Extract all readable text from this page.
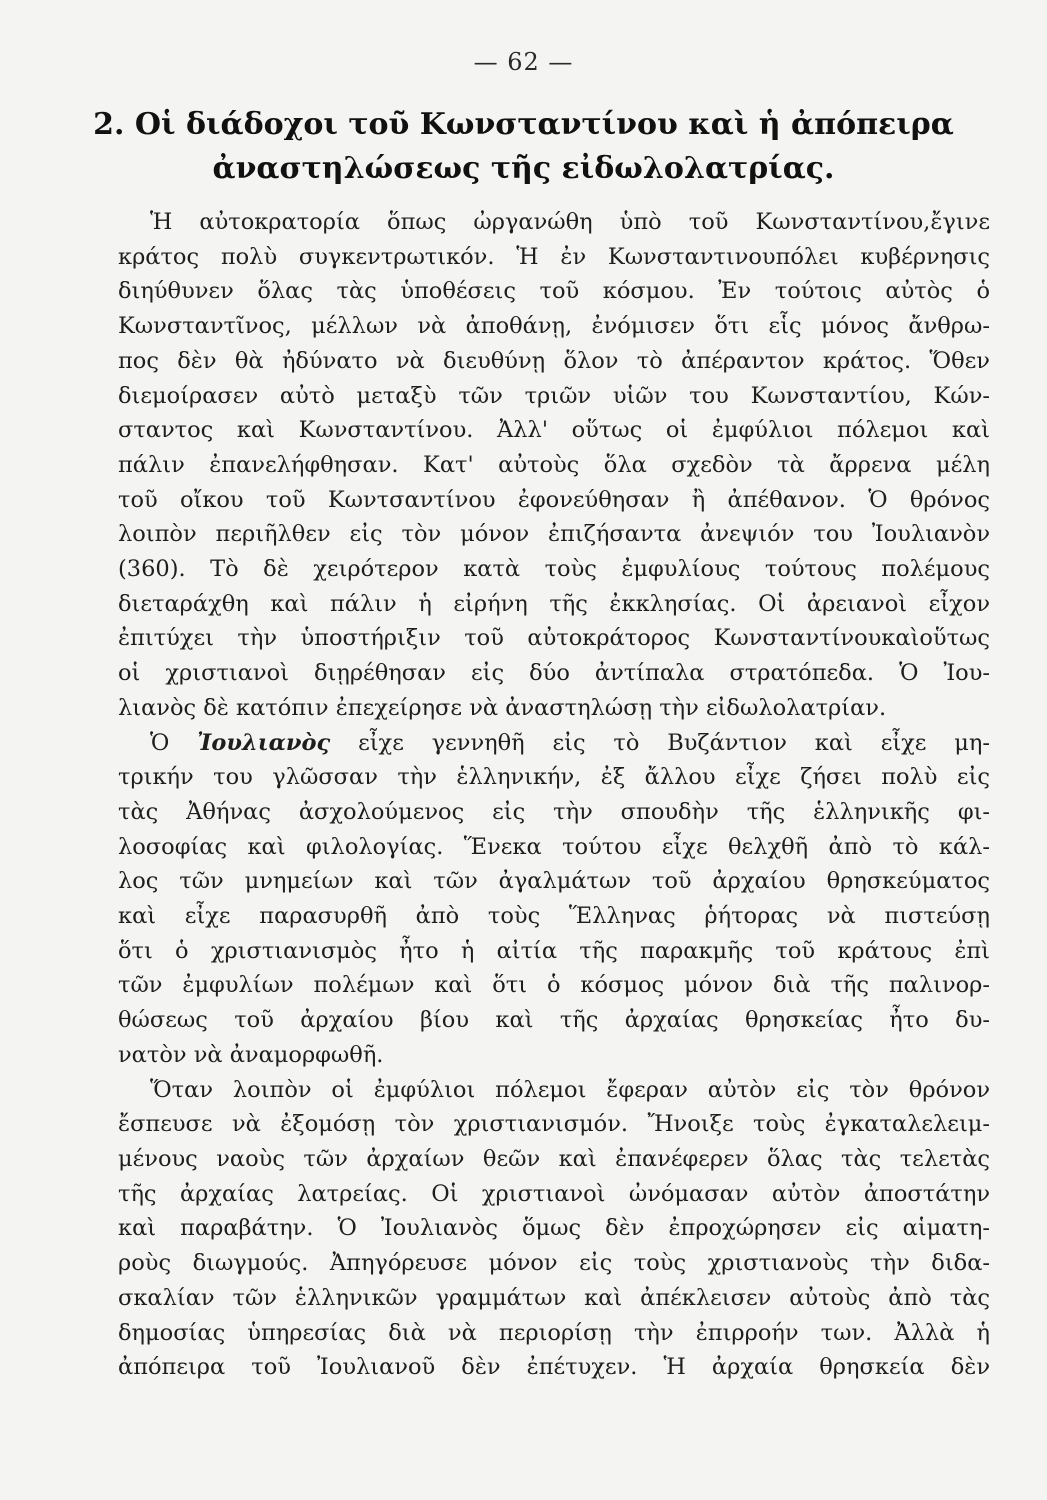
— 62 —
2. Οἱ διάδοχοι τοῦ Κωνσταντίνου καὶ ἡ ἀπόπειρα
ἀναστηλώσεως τῆς εἰδωλολατρίας.
Ἡ αὐτοκρατορία ὅπως ὠργανώθη ὑπὸ τοῦ Κωνσταντίνου,ἔγινε
κράτος πολὺ συγκεντρωτικόν. Ἡ ἐν Κωνσταντινουπόλει κυβέρνησις
διηύθυνεν ὅλας τὰς ὑποθέσεις τοῦ κόσμου. Ἐν τούτοις αὐτὸς ὁ
Κωνσταντῖνος, μέλλων νὰ ἀποθάνῃ, ἐνόμισεν ὅτι εἷς μόνος ἄνθρω-
πος δὲν θὰ ἠδύνατο νὰ διευθύνῃ ὅλον τὸ ἀπέραντον κράτος. Ὅθεν
διεμοίρασεν αὐτὸ μεταξὺ τῶν τριῶν υἱῶν του Κωνσταντίου, Κών-
σταντος καὶ Κωνσταντίνου. Ἀλλ' οὕτως οἱ ἐμφύλιοι πόλεμοι καὶ
πάλιν ἐπανελήφθησαν. Κατ' αὐτοὺς ὅλα σχεδὸν τὰ ἄρρενα μέλη
τοῦ οἴκου τοῦ Κωντσαντίνου ἐφονεύθησαν ἢ ἀπέθανον. Ὁ θρόνος
λοιπὸν περιῆλθεν εἰς τὸν μόνον ἐπιζήσαντα ἀνεψιόν του Ἰουλιανὸν
(360). Τὸ δὲ χειρότερον κατὰ τοὺς ἐμφυλίους τούτους πολέμους
διεταράχθη καὶ πάλιν ἡ εἰρήνη τῆς ἐκκλησίας. Οἱ ἀρειανοὶ εἶχον
ἐπιτύχει τὴν ὑποστήριξιν τοῦ αὐτοκράτορος Κωνσταντίνουκαὶοὕτως
οἱ χριστιανοὶ διῃρέθησαν εἰς δύο ἀντίπαλα στρατόπεδα. Ὁ Ἰου-
λιανὸς δὲ κατόπιν ἐπεχείρησε νὰ ἀναστηλώσῃ τὴν εἰδωλολατρίαν.
Ὁ Ἰουλιανὸς εἶχε γεννηθῆ εἰς τὸ Βυζάντιον καὶ εἶχε μη-
τρικήν του γλῶσσαν τὴν ἑλληνικήν, ἐξ ἄλλου εἶχε ζήσει πολὺ εἰς
τὰς Ἀθήνας ἀσχολούμενος εἰς τὴν σπουδὴν τῆς ἑλληνικῆς φι-
λοσοφίας καὶ φιλολογίας. Ἕνεκα τούτου εἶχε θελχθῆ ἀπὸ τὸ κάλ-
λος τῶν μνημείων καὶ τῶν ἀγαλμάτων τοῦ ἀρχαίου θρησκεύματος
καὶ εἶχε παρασυρθῆ ἀπὸ τοὺς Ἕλληνας ῥήτορας νὰ πιστεύσῃ
ὅτι ὁ χριστιανισμὸς ἦτο ἡ αἰτία τῆς παρακμῆς τοῦ κράτους ἐπὶ
τῶν ἐμφυλίων πολέμων καὶ ὅτι ὁ κόσμος μόνον διὰ τῆς παλινορ-
θώσεως τοῦ ἀρχαίου βίου καὶ τῆς ἀρχαίας θρησκείας ἦτο δυ-
νατὸν νὰ ἀναμορφωθῆ.
Ὅταν λοιπὸν οἱ ἐμφύλιοι πόλεμοι ἔφεραν αὐτὸν εἰς τὸν θρόνον
ἔσπευσε νὰ ἐξομόσῃ τὸν χριστιανισμόν. Ἤνοιξε τοὺς ἐγκαταλελειμ-
μένους ναοὺς τῶν ἀρχαίων θεῶν καὶ ἐπανέφερεν ὅλας τὰς τελετὰς
τῆς ἀρχαίας λατρείας. Οἱ χριστιανοὶ ὠνόμασαν αὐτὸν ἀποστάτην
καὶ παραβάτην. Ὁ Ἰουλιανὸς ὅμως δὲν ἐπροχώρησεν εἰς αἱματη-
ροὺς διωγμούς. Ἀπηγόρευσε μόνον εἰς τοὺς χριστιανοὺς τὴν διδα-
σκαλίαν τῶν ἑλληνικῶν γραμμάτων καὶ ἀπέκλεισεν αὐτοὺς ἀπὸ τὰς
δημοσίας ὑπηρεσίας διὰ νὰ περιορίσῃ τὴν ἐπιρροήν των. Ἀλλὰ ἡ
ἀπόπειρα τοῦ Ἰουλιανοῦ δὲν ἐπέτυχεν. Ἡ ἀρχαία θρησκεία δὲν
